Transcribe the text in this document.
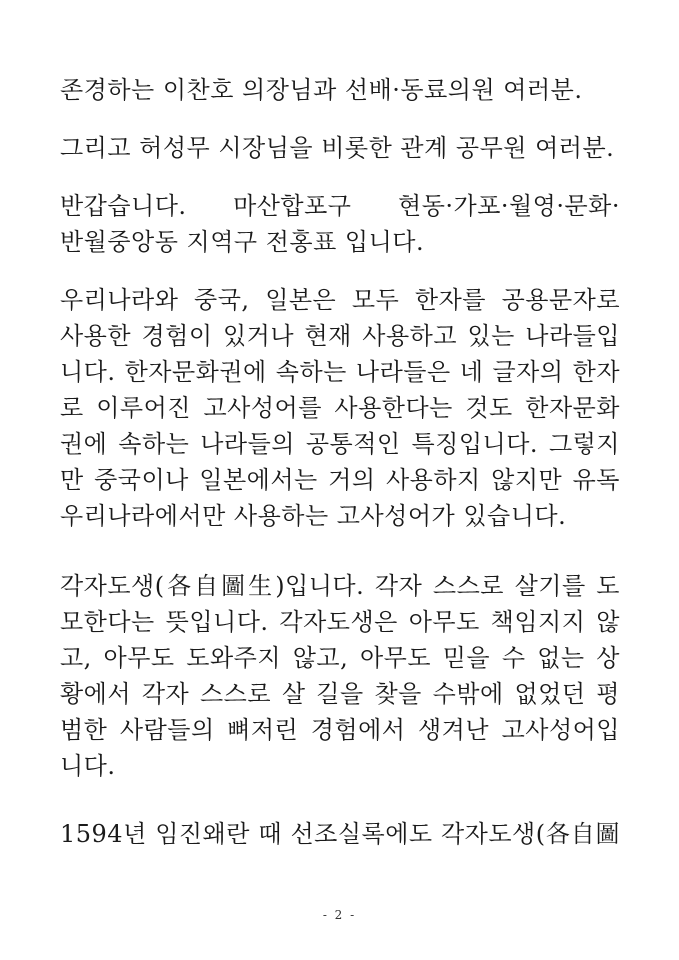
존경하는 이찬호 의장님과 선배·동료의원 여러분.
그리고 허성무 시장님을 비롯한 관계 공무원 여러분.
반갑습니다. 마산합포구 현동·가포·월영·문화·
반월중앙동 지역구 전홍표 입니다.
우리나라와 중국, 일본은 모두 한자를 공용문자로
사용한 경험이 있거나 현재 사용하고 있는 나라들입
니다. 한자문화권에 속하는 나라들은 네 글자의 한자
로 이루어진 고사성어를 사용한다는 것도 한자문화
권에 속하는 나라들의 공통적인 특징입니다. 그렇지
만 중국이나 일본에서는 거의 사용하지 않지만 유독
우리나라에서만 사용하는 고사성어가 있습니다.
각자도생(各自圖生)입니다. 각자 스스로 살기를 도
모한다는 뜻입니다. 각자도생은 아무도 책임지지 않
고, 아무도 도와주지 않고, 아무도 믿을 수 없는 상
황에서 각자 스스로 살 길을 찾을 수밖에 없었던 평
범한 사람들의 뼈저린 경험에서 생겨난 고사성어입
니다.
1594년 임진왜란 때 선조실록에도 각자도생(各自圖
- 2 -
